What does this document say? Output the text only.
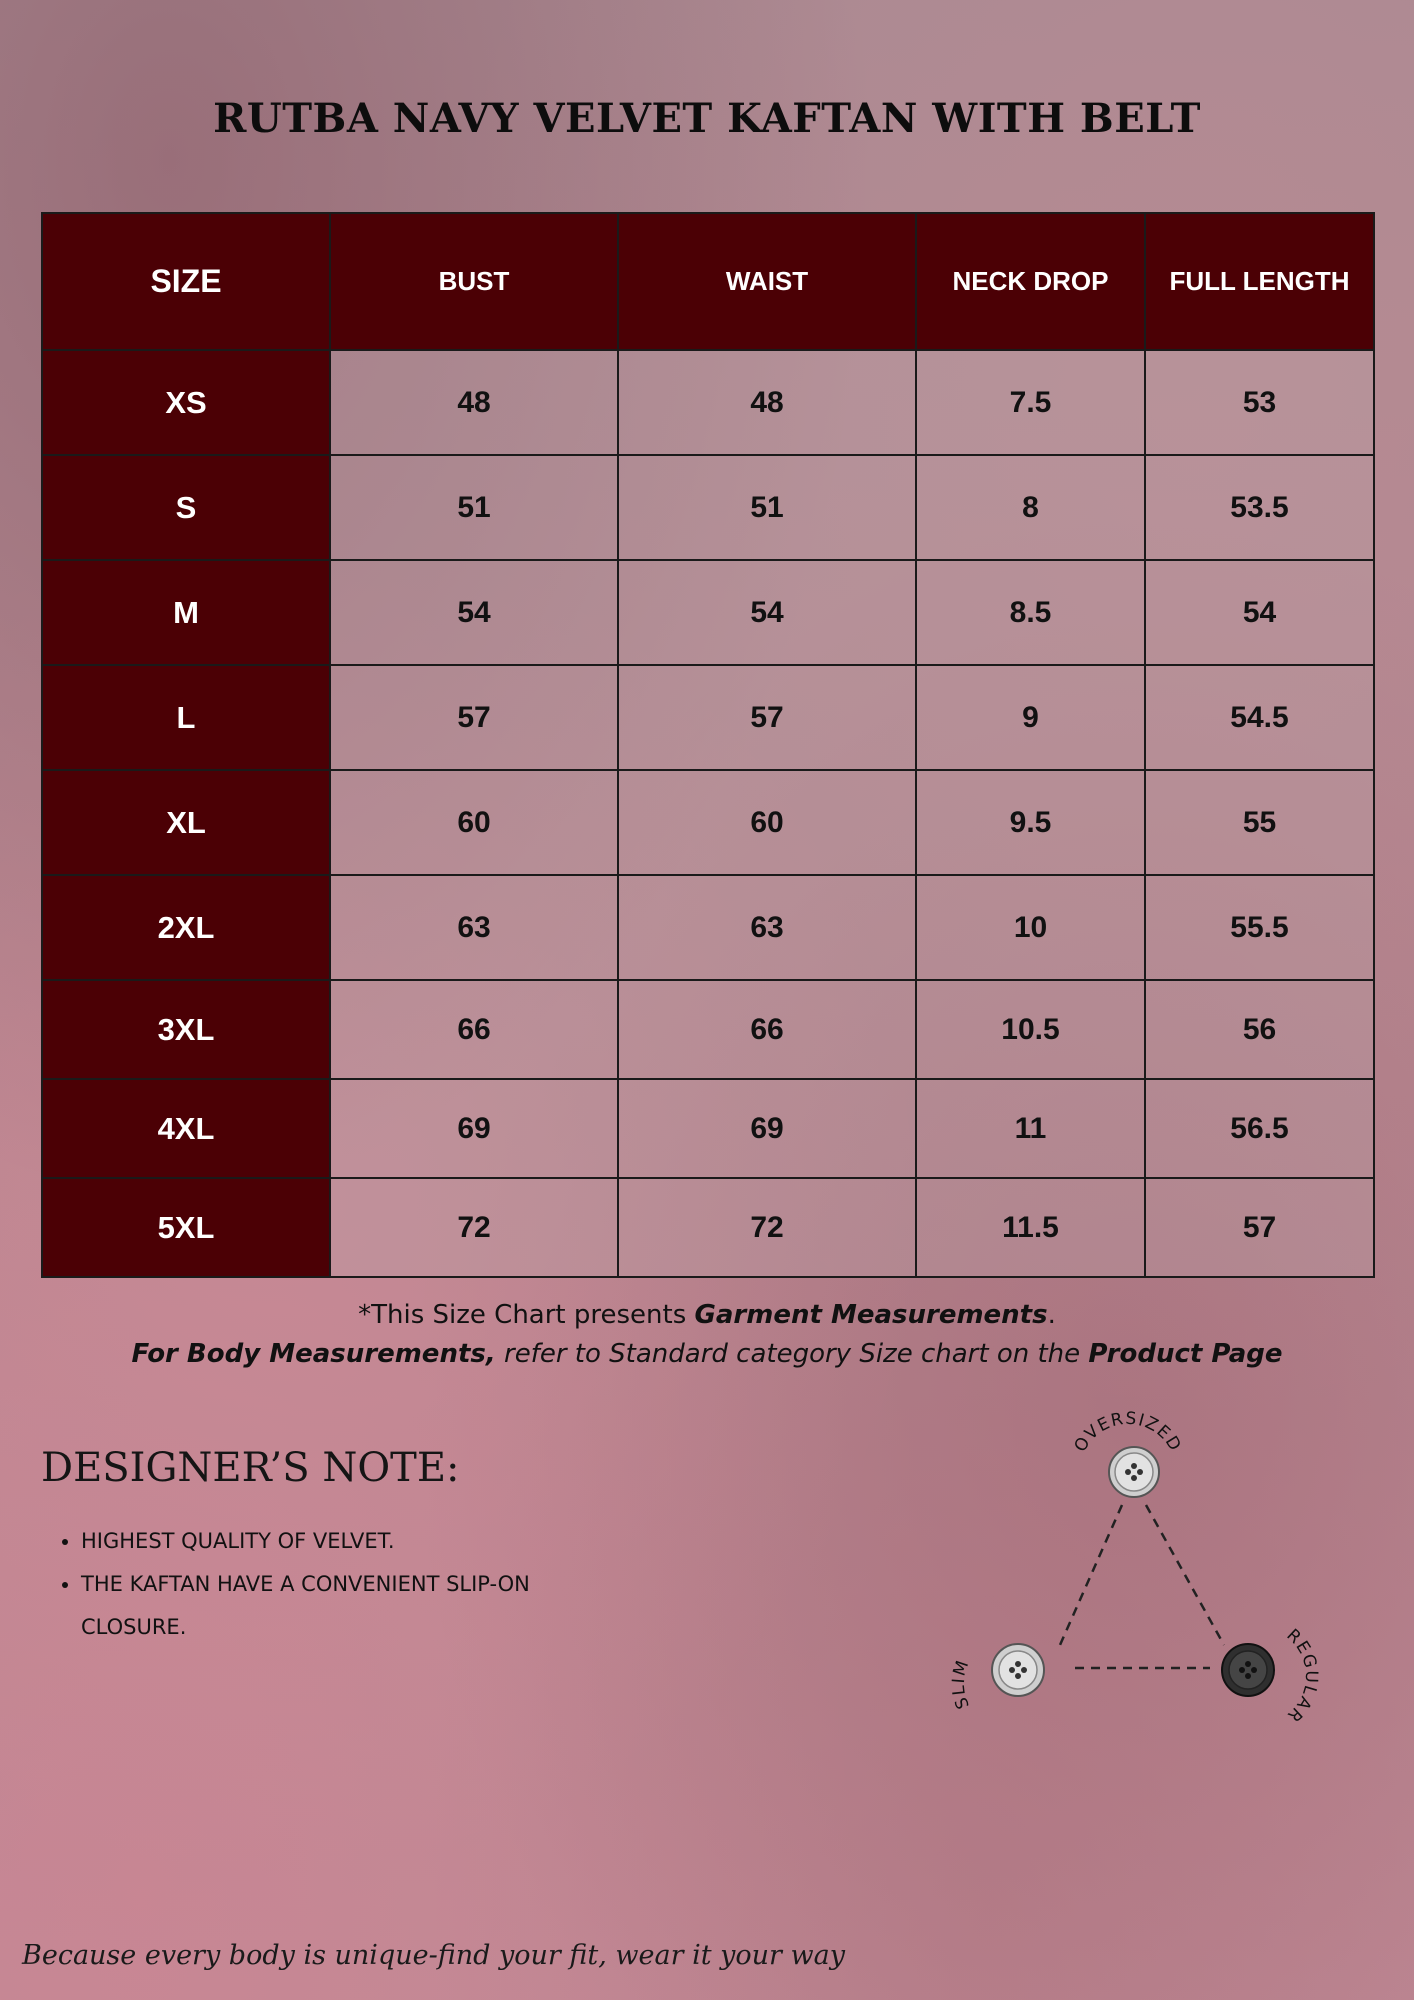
RUTBA NAVY VELVET KAFTAN WITH BELT
SIZE	BUST	WAIST	NECK DROP	FULL LENGTH
XS	48	48	7.5	53
S	51	51	8	53.5
M	54	54	8.5	54
L	57	57	9	54.5
XL	60	60	9.5	55
2XL	63	63	10	55.5
3XL	66	66	10.5	56
4XL	69	69	11	56.5
5XL	72	72	11.5	57
*This Size Chart presents Garment Measurements.
For Body Measurements, refer to Standard category Size chart on the Product Page
DESIGNER’S NOTE:
• HIGHEST QUALITY OF VELVET.
• THE KAFTAN HAVE A CONVENIENT SLIP-ON CLOSURE.
OVERSIZED
SLIM
REGULAR
Because every body is unique-find your fit, wear it your way
